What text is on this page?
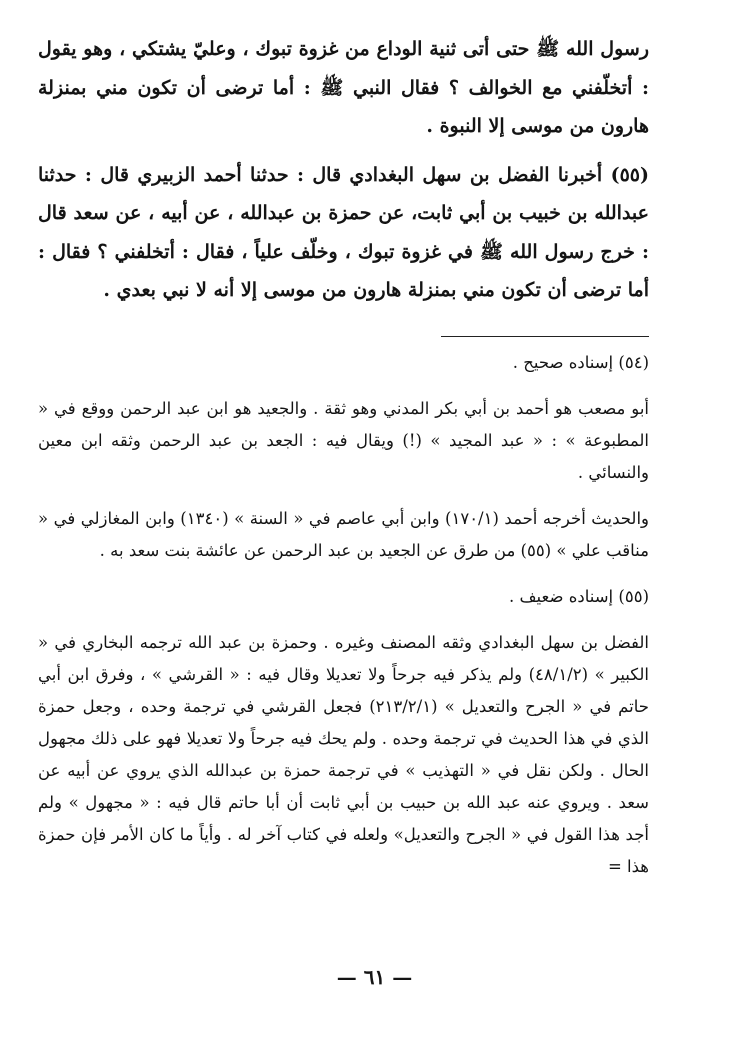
رسول الله ﷺ حتى أتى ثنية الوداع من غزوة تبوك ، وعليّ يشتكي ، وهو يقول : أتخلّفني مع الخوالف ؟ فقال النبي ﷺ : أما ترضى أن تكون مني بمنزلة هارون من موسى إلا النبوة .

(٥٥) أخبرنا الفضل بن سهل البغدادي قال : حدثنا أحمد الزبيري قال : حدثنا عبدالله بن خبيب بن أبي ثابت، عن حمزة بن عبدالله ، عن أبيه ، عن سعد قال : خرج رسول الله ﷺ في غزوة تبوك ، وخلّف علياً ، فقال : أتخلفني ؟ فقال : أما ترضى أن تكون مني بمنزلة هارون من موسى إلا أنه لا نبي بعدي .

(٥٤) إسناده صحيح .

أبو مصعب هو أحمد بن أبي بكر المدني وهو ثقة . والجعيد هو ابن عبد الرحمن ووقع في « المطبوعة » : « عبد المجيد » (!) ويقال فيه : الجعد بن عبد الرحمن وثقه ابن معين والنسائي .

والحديث أخرجه أحمد (١٧٠/١) وابن أبي عاصم في « السنة » (١٣٤٠) وابن المغازلي في « مناقب علي » (٥٥) من طرق عن الجعيد بن عبد الرحمن عن عائشة بنت سعد به .

(٥٥) إسناده ضعيف .

الفضل بن سهل البغدادي وثقه المصنف وغيره . وحمزة بن عبد الله ترجمه البخاري في « الكبير » (٤٨/١/٢) ولم يذكر فيه جرحاً ولا تعديلا وقال فيه : « القرشي » ، وفرق ابن أبي حاتم في « الجرح والتعديل » (٢١٣/٢/١) فجعل القرشي في ترجمة وحده ، وجعل حمزة الذي في هذا الحديث في ترجمة وحده . ولم يحك فيه جرحاً ولا تعديلا فهو على ذلك مجهول الحال . ولكن نقل في « التهذيب » في ترجمة حمزة بن عبدالله الذي يروي عن أبيه عن سعد . ويروي عنه عبد الله بن حبيب بن أبي ثابت أن أبا حاتم قال فيه : « مجهول » ولم أجد هذا القول في « الجرح والتعديل» ولعله في كتاب آخر له . وأياً ما كان الأمر فإن حمزة هذا =

— ٦١ —
